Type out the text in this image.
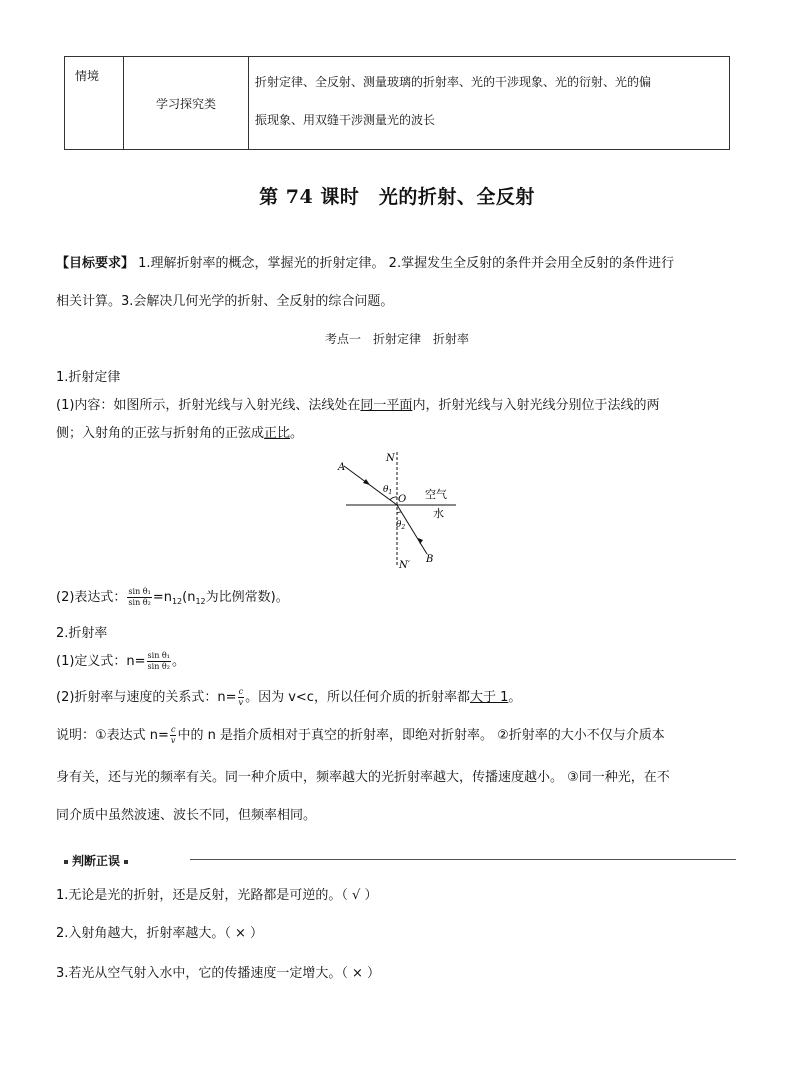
情境	学习探究类	
折射定律、全反射、测量玻璃的折射率、光的干涉现象、光的衍射、光的偏
振现象、用双缝干涉测量光的波长
第 74 课时　光的折射、全反射
【目标要求】 1.理解折射率的概念，掌握光的折射定律。 2.掌握发生全反射的条件并会用全反射的条件进行
相关计算。3.会解决几何光学的折射、全反射的综合问题。
考点一　折射定律　折射率
1.折射定律
(1)内容：如图所示，折射光线与入射光线、法线处在同一平面内，折射光线与入射光线分别位于法线的两
侧；入射角的正弦与折射角的正弦成正比。
A
N
O
$\theta_1$
$\theta_2$
空气
水
B
N′
(2)表达式： $\frac{\text{sin θ₁}}{\text{sin θ₂}} =n_{12}(n_{12}$为比例常数)。
2.折射率
(1)定义式：$n= \frac{\text{sin θ₁}}{\text{sin θ₂}}$ 。
(2)折射率与速度的关系式：$n= \frac{c}{v}$ 。因为 v<c，所以任何介质的折射率都大于 1。
说明：①表达式 $n= \frac{c}{v}$ 中的 n 是指介质相对于真空的折射率，即绝对折射率。 ②折射率的大小不仅与介质本
身有关，还与光的频率有关。同一种介质中，频率越大的光折射率越大，传播速度越小。 ③同一种光，在不
同介质中虽然波速、波长不同，但频率相同。
判断正误
1.无论是光的折射，还是反射，光路都是可逆的。（ √ ）
2.入射角越大，折射率越大。（ × ）
3.若光从空气射入水中，它的传播速度一定增大。（ × ）
